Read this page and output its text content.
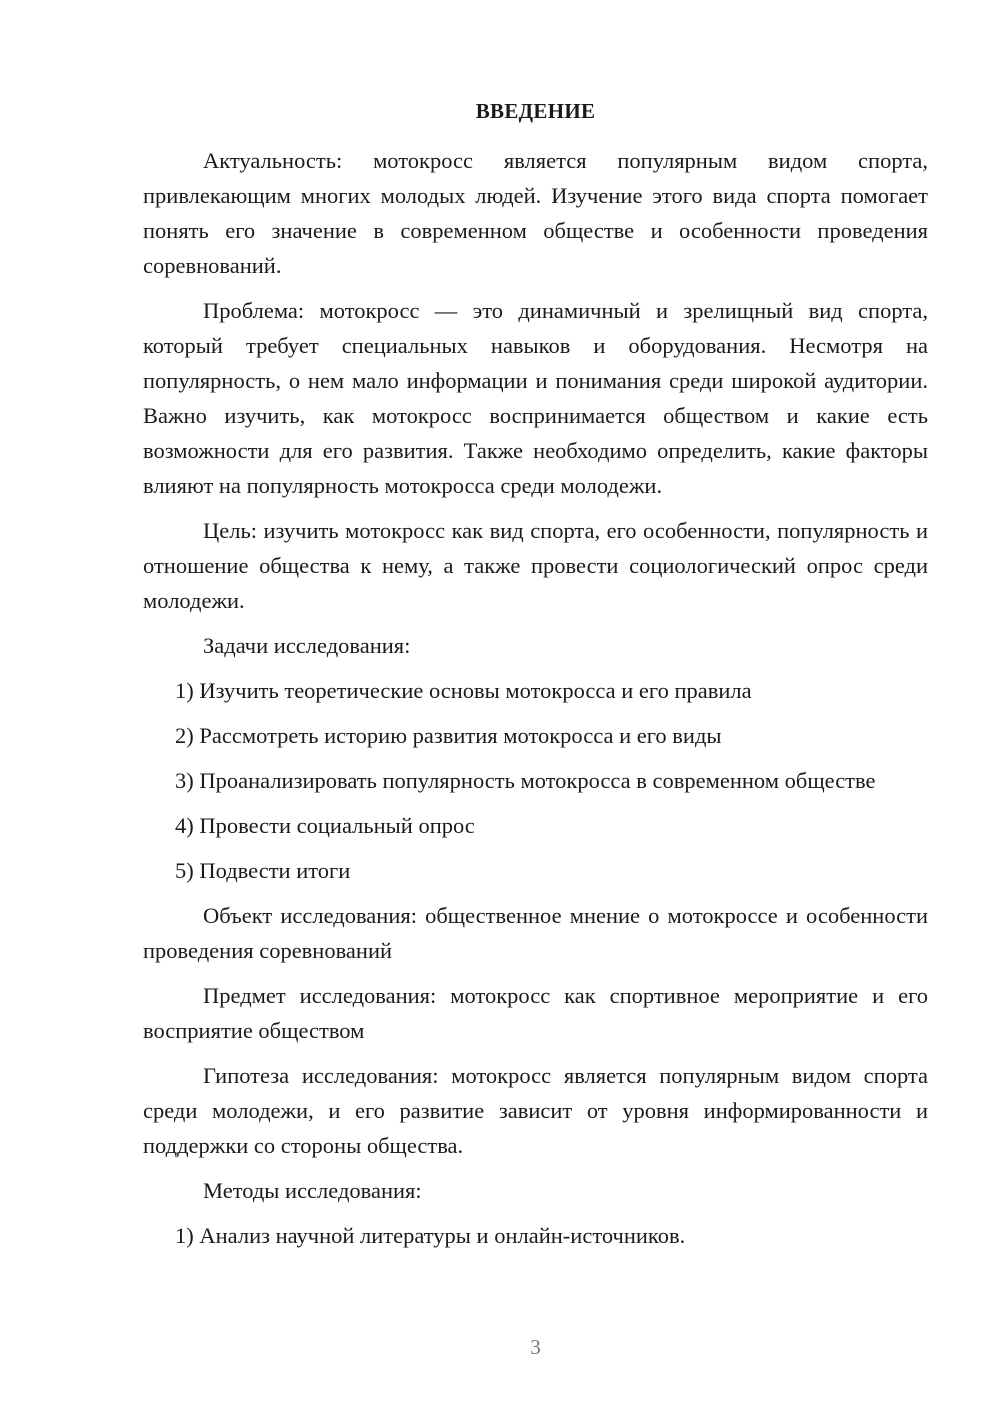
ВВЕДЕНИЕ

Актуальность: мотокросс является популярным видом спорта, привлекающим многих молодых людей. Изучение этого вида спорта помогает понять его значение в современном обществе и особенности проведения соревнований.

Проблема: мотокросс — это динамичный и зрелищный вид спорта, который требует специальных навыков и оборудования. Несмотря на популярность, о нем мало информации и понимания среди широкой аудитории. Важно изучить, как мотокросс воспринимается обществом и какие есть возможности для его развития. Также необходимо определить, какие факторы влияют на популярность мотокросса среди молодежи.

Цель: изучить мотокросс как вид спорта, его особенности, популярность и отношение общества к нему, а также провести социологический опрос среди молодежи.

Задачи исследования:

1) Изучить теоретические основы мотокросса и его правила

2) Рассмотреть историю развития мотокросса и его виды

3) Проанализировать популярность мотокросса в современном обществе

4) Провести социальный опрос

5) Подвести итоги

Объект исследования: общественное мнение о мотокроссе и особенности проведения соревнований

Предмет исследования: мотокросс как спортивное мероприятие и его восприятие обществом

Гипотеза исследования: мотокросс является популярным видом спорта среди молодежи, и его развитие зависит от уровня информированности и поддержки со стороны общества.

Методы исследования:

1) Анализ научной литературы и онлайн-источников.

3
